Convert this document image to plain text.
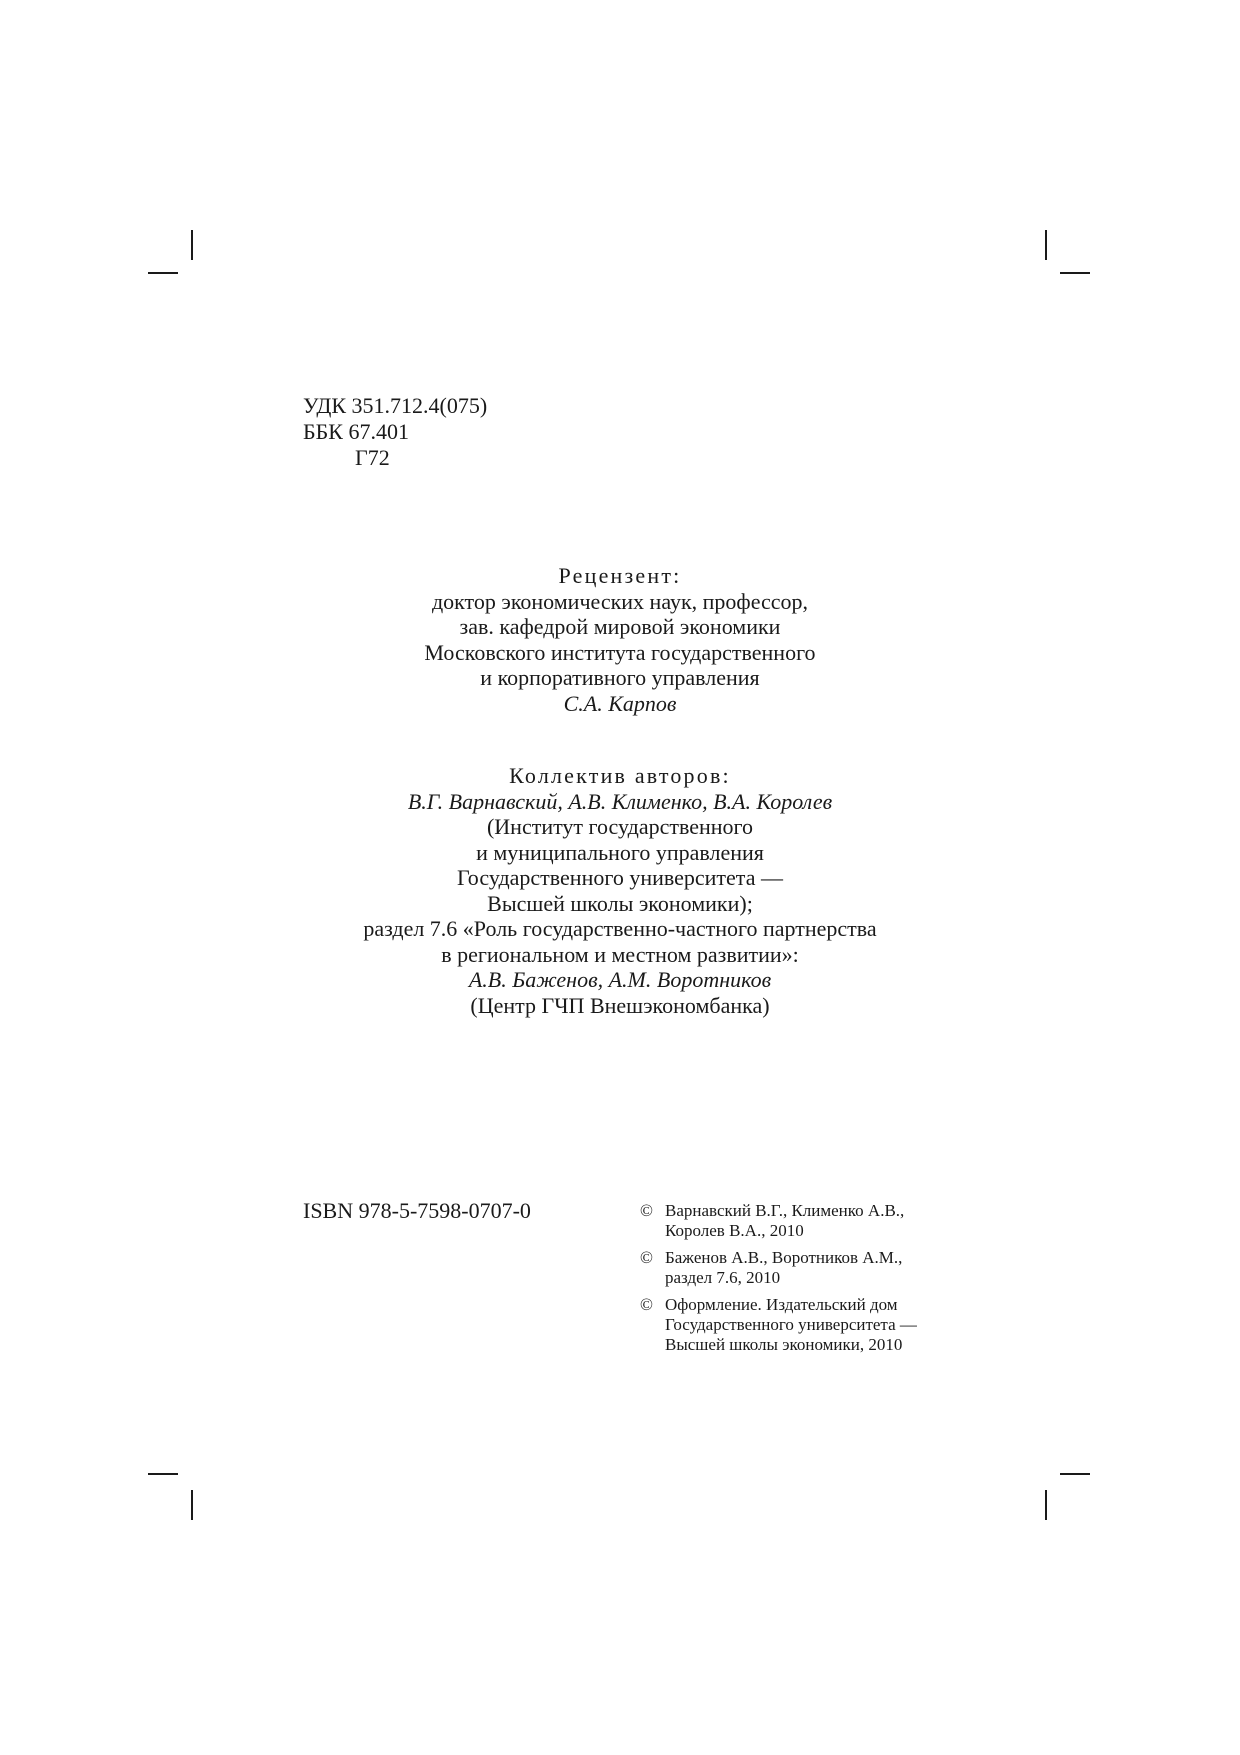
УДК 351.712.4(075)
ББК 67.401
Г72
Рецензент:
доктор экономических наук, профессор,
зав. кафедрой мировой экономики
Московского института государственного
и корпоративного управления
С.А. Карпов
Коллектив авторов:
В.Г. Варнавский, А.В. Клименко, В.А. Королев
(Институт государственного
и муниципального управления
Государственного университета —
Высшей школы экономики);
раздел 7.6 «Роль государственно-частного партнерства
в региональном и местном развитии»:
А.В. Баженов, А.М. Воротников
(Центр ГЧП Внешэкономбанка)
ISBN 978-5-7598-0707-0	© Варнавский В.Г., Клименко А.В.,
Королев В.А., 2010
© Баженов А.В., Воротников А.М.,
раздел 7.6, 2010
© Оформление. Издательский дом
Государственного университета —
Высшей школы экономики, 2010
